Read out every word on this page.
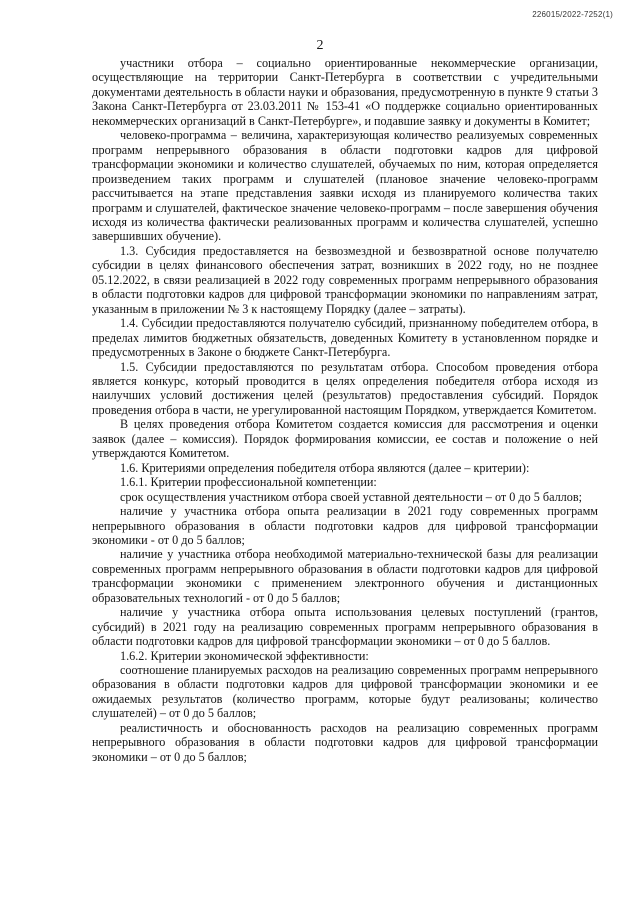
226015/2022-7252(1)
2

участники отбора – социально ориентированные некоммерческие организации, осуществляющие на территории Санкт-Петербурга в соответствии с учредительными документами деятельность в области науки и образования, предусмотренную в пункте 9 статьи 3 Закона Санкт-Петербурга от 23.03.2011 № 153-41 «О поддержке социально ориентированных некоммерческих организаций в Санкт-Петербурге», и подавшие заявку и документы в Комитет;

человеко-программа – величина, характеризующая количество реализуемых современных программ непрерывного образования в области подготовки кадров для цифровой трансформации экономики и количество слушателей, обучаемых по ним, которая определяется произведением таких программ и слушателей (плановое значение человеко-программ рассчитывается на этапе представления заявки исходя из планируемого количества таких программ и слушателей, фактическое значение человеко-программ – после завершения обучения исходя из количества фактически реализованных программ и количества слушателей, успешно завершивших обучение).

1.3. Субсидия предоставляется на безвозмездной и безвозвратной основе получателю субсидии в целях финансового обеспечения затрат, возникших в 2022 году, но не позднее 05.12.2022, в связи реализацией в 2022 году современных программ непрерывного образования в области подготовки кадров для цифровой трансформации экономики по направлениям затрат, указанным в приложении № 3 к настоящему Порядку (далее – затраты).

1.4. Субсидии предоставляются получателю субсидий, признанному победителем отбора, в пределах лимитов бюджетных обязательств, доведенных Комитету в установленном порядке и предусмотренных в Законе о бюджете Санкт-Петербурга.

1.5. Субсидии предоставляются по результатам отбора. Способом проведения отбора является конкурс, который проводится в целях определения победителя отбора исходя из наилучших условий достижения целей (результатов) предоставления субсидий. Порядок проведения отбора в части, не урегулированной настоящим Порядком, утверждается Комитетом.

В целях проведения отбора Комитетом создается комиссия для рассмотрения и оценки заявок (далее – комиссия). Порядок формирования комиссии, ее состав и положение о ней утверждаются Комитетом.

1.6. Критериями определения победителя отбора являются (далее – критерии):

1.6.1. Критерии профессиональной компетенции:

срок осуществления участником отбора своей уставной деятельности – от 0 до 5 баллов;

наличие у участника отбора опыта реализации в 2021 году современных программ непрерывного образования в области подготовки кадров для цифровой трансформации экономики - от 0 до 5 баллов;

наличие у участника отбора необходимой материально-технической базы для реализации современных программ непрерывного образования в области подготовки кадров для цифровой трансформации экономики с применением электронного обучения и дистанционных образовательных технологий - от 0 до 5 баллов;

наличие у участника отбора опыта использования целевых поступлений (грантов, субсидий) в 2021 году на реализацию современных программ непрерывного образования в области подготовки кадров для цифровой трансформации экономики – от 0 до 5 баллов.

1.6.2. Критерии экономической эффективности:

соотношение планируемых расходов на реализацию современных программ непрерывного образования в области подготовки кадров для цифровой трансформации экономики и ее ожидаемых результатов (количество программ, которые будут реализованы; количество слушателей) – от 0 до 5 баллов;

реалистичность и обоснованность расходов на реализацию современных программ непрерывного образования в области подготовки кадров для цифровой трансформации экономики – от 0 до 5 баллов;
